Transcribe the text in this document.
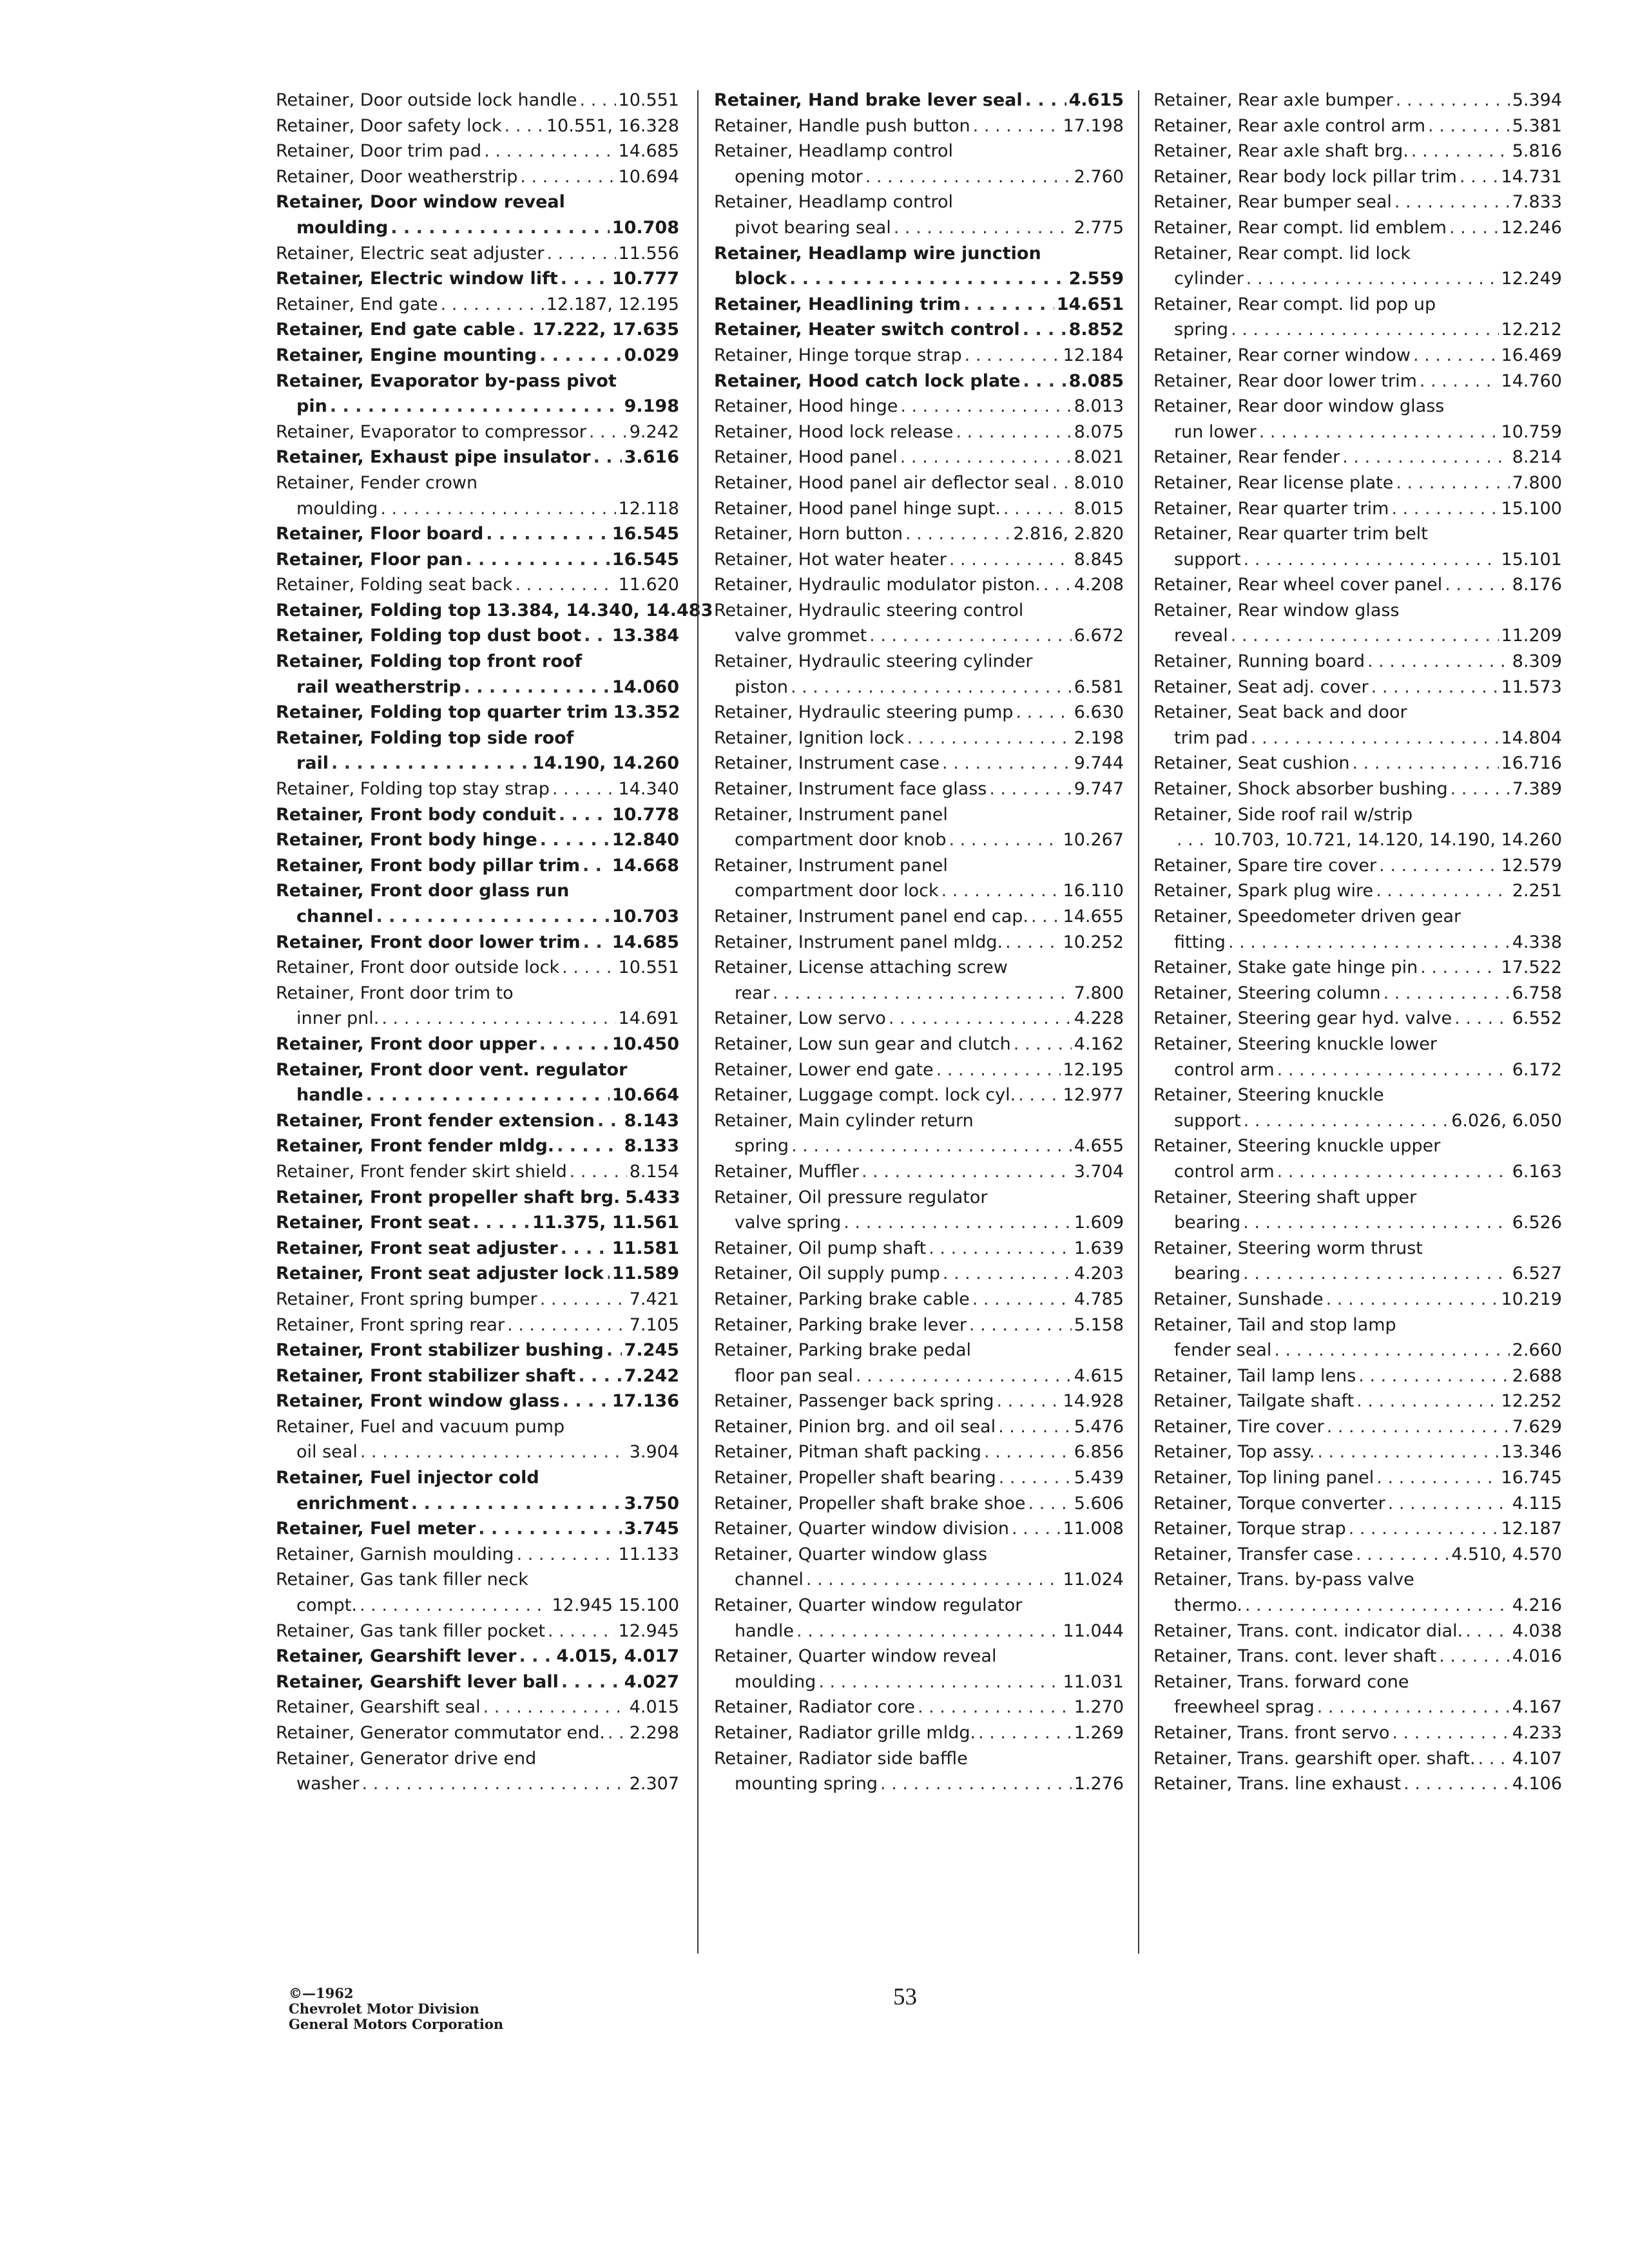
Retainer, Door outside lock handle . . . 10.551
Retainer, Door safety lock . . .	10.551, 16.328
Retainer, Door trim pad . . .	14.685
Retainer, Door weatherstrip . . .	10.694
Retainer, Door window reveal
moulding . . .	10.708
Retainer, Electric seat adjuster . . .	11.556
Retainer, Electric window lift . . .	10.777
Retainer, End gate . . .	12.187, 12.195
Retainer, End gate cable . . . 17.222, 17.635
Retainer, Engine mounting . . .	0.029
Retainer, Evaporator by-pass pivot
pin . . .	9.198
Retainer, Evaporator to compressor . . . 9.242
Retainer, Exhaust pipe insulator . . . 3.616
Retainer, Fender crown
moulding . . .	12.118
Retainer, Floor board . . .	16.545
Retainer, Floor pan . . .	16.545
Retainer, Folding seat back . . .	11.620
Retainer, Folding top 13.384, 14.340, 14.483
Retainer, Folding top dust boot . . . 13.384
Retainer, Folding top front roof
rail weatherstrip . . .	14.060
Retainer, Folding top quarter trim 13.352
Retainer, Folding top side roof
rail . . .	14.190, 14.260
Retainer, Folding top stay strap . . .	14.340
Retainer, Front body conduit . . .	10.778
Retainer, Front body hinge . . .	12.840
Retainer, Front body pillar trim . . . 14.668
Retainer, Front door glass run
channel . . .	10.703
Retainer, Front door lower trim . . . 14.685
Retainer, Front door outside lock . . .	10.551
Retainer, Front door trim to
inner pnl. . . .	14.691
Retainer, Front door upper . . .	10.450
Retainer, Front door vent. regulator
handle . . .	10.664
Retainer, Front fender extension . . . 8.143
Retainer, Front fender mldg. . . .	8.133
Retainer, Front fender skirt shield . . .	8.154
Retainer, Front propeller shaft brg. 5.433
Retainer, Front seat . . .	11.375, 11.561
Retainer, Front seat adjuster . . .	11.581
Retainer, Front seat adjuster lock . . . 11.589
Retainer, Front spring bumper . . .	7.421
Retainer, Front spring rear . . .	7.105
Retainer, Front stabilizer bushing . . . 7.245
Retainer, Front stabilizer shaft . . .	7.242
Retainer, Front window glass . . .	17.136
Retainer, Fuel and vacuum pump
oil seal . . .	3.904
Retainer, Fuel injector cold
enrichment . . .	3.750
Retainer, Fuel meter . . .	3.745
Retainer, Garnish moulding . . .	11.133
Retainer, Gas tank filler neck
compt. . . .	12.945 15.100
Retainer, Gas tank filler pocket . . .	12.945
Retainer, Gearshift lever . . . 4.015, 4.017
Retainer, Gearshift lever ball . . .	4.027
Retainer, Gearshift seal . . .	4.015
Retainer, Generator commutator end. . . . 2.298
Retainer, Generator drive end
washer . . .	2.307
Retainer, Hand brake lever seal . . .	4.615
Retainer, Handle push button . . .	17.198
Retainer, Headlamp control
opening motor . . .	2.760
Retainer, Headlamp control
pivot bearing seal . . .	2.775
Retainer, Headlamp wire junction
block . . .	2.559
Retainer, Headlining trim . . .	14.651
Retainer, Heater switch control . . .	8.852
Retainer, Hinge torque strap . . .	12.184
Retainer, Hood catch lock plate . . .	8.085
Retainer, Hood hinge . . .	8.013
Retainer, Hood lock release . . .	8.075
Retainer, Hood panel . . .	8.021
Retainer, Hood panel air deflector seal . . . 8.010
Retainer, Hood panel hinge supt. . . .	8.015
Retainer, Horn button . . .	2.816, 2.820
Retainer, Hot water heater . . .	8.845
Retainer, Hydraulic modulator piston. . . . 4.208
Retainer, Hydraulic steering control
valve grommet . . .	6.672
Retainer, Hydraulic steering cylinder
piston . . .	6.581
Retainer, Hydraulic steering pump . . .	6.630
Retainer, Ignition lock . . .	2.198
Retainer, Instrument case . . .	9.744
Retainer, Instrument face glass . . .	9.747
Retainer, Instrument panel
compartment door knob . . .	10.267
Retainer, Instrument panel
compartment door lock . . .	16.110
Retainer, Instrument panel end cap. . . . 14.655
Retainer, Instrument panel mldg. . . .	10.252
Retainer, License attaching screw
rear . . .	7.800
Retainer, Low servo . . .	4.228
Retainer, Low sun gear and clutch . . .	4.162
Retainer, Lower end gate . . .	12.195
Retainer, Luggage compt. lock cyl. . . .	12.977
Retainer, Main cylinder return
spring . . .	4.655
Retainer, Muffler . . .	3.704
Retainer, Oil pressure regulator
valve spring . . .	1.609
Retainer, Oil pump shaft . . .	1.639
Retainer, Oil supply pump . . .	4.203
Retainer, Parking brake cable . . .	4.785
Retainer, Parking brake lever . . .	5.158
Retainer, Parking brake pedal
floor pan seal . . .	4.615
Retainer, Passenger back spring . . .	14.928
Retainer, Pinion brg. and oil seal . . .	5.476
Retainer, Pitman shaft packing . . .	6.856
Retainer, Propeller shaft bearing . . .	5.439
Retainer, Propeller shaft brake shoe . . .	5.606
Retainer, Quarter window division . . .	11.008
Retainer, Quarter window glass
channel . . .	11.024
Retainer, Quarter window regulator
handle . . .	11.044
Retainer, Quarter window reveal
moulding . . .	11.031
Retainer, Radiator core . . .	1.270
Retainer, Radiator grille mldg. . . .	1.269
Retainer, Radiator side baffle
mounting spring . . .	1.276
Retainer, Rear axle bumper . . .	5.394
Retainer, Rear axle control arm . . .	5.381
Retainer, Rear axle shaft brg. . . .	5.816
Retainer, Rear body lock pillar trim . . .	14.731
Retainer, Rear bumper seal . . .	7.833
Retainer, Rear compt. lid emblem . . .	12.246
Retainer, Rear compt. lid lock
cylinder . . .	12.249
Retainer, Rear compt. lid pop up
spring . . .	12.212
Retainer, Rear corner window . . .	16.469
Retainer, Rear door lower trim . . .	14.760
Retainer, Rear door window glass
run lower . . .	10.759
Retainer, Rear fender . . .	8.214
Retainer, Rear license plate . . .	7.800
Retainer, Rear quarter trim . . .	15.100
Retainer, Rear quarter trim belt
support . . .	15.101
Retainer, Rear wheel cover panel . . .	8.176
Retainer, Rear window glass
reveal . . .	11.209
Retainer, Running board . . .	8.309
Retainer, Seat adj. cover . . .	11.573
Retainer, Seat back and door
trim pad . . .	14.804
Retainer, Seat cushion . . .	16.716
Retainer, Shock absorber bushing . . .	7.389
Retainer, Side roof rail w/strip
. . .
10.703, 10.721, 14.120, 14.190, 14.260
Retainer, Spare tire cover . . .	12.579
Retainer, Spark plug wire . . .	2.251
Retainer, Speedometer driven gear
fitting . . .	4.338
Retainer, Stake gate hinge pin . . .	17.522
Retainer, Steering column . . .	6.758
Retainer, Steering gear hyd. valve . . .	6.552
Retainer, Steering knuckle lower
control arm . . .	6.172
Retainer, Steering knuckle
support . . .	6.026, 6.050
Retainer, Steering knuckle upper
control arm . . .	6.163
Retainer, Steering shaft upper
bearing . . .	6.526
Retainer, Steering worm thrust
bearing . . .	6.527
Retainer, Sunshade . . .	10.219
Retainer, Tail and stop lamp
fender seal . . .	2.660
Retainer, Tail lamp lens . . .	2.688
Retainer, Tailgate shaft . . .	12.252
Retainer, Tire cover . . .	7.629
Retainer, Top assy. . . .	13.346
Retainer, Top lining panel . . .	16.745
Retainer, Torque converter . . .	4.115
Retainer, Torque strap . . .	12.187
Retainer, Transfer case . . .	4.510, 4.570
Retainer, Trans. by-pass valve
thermo. . . .	4.216
Retainer, Trans. cont. indicator dial. . . .	4.038
Retainer, Trans. cont. lever shaft . . .	4.016
Retainer, Trans. forward cone
freewheel sprag . . .	4.167
Retainer, Trans. front servo . . .	4.233
Retainer, Trans. gearshift oper. shaft. . . . 4.107
Retainer, Trans. line exhaust . . .	4.106
©—1962
Chevrolet Motor Division
General Motors Corporation
53
